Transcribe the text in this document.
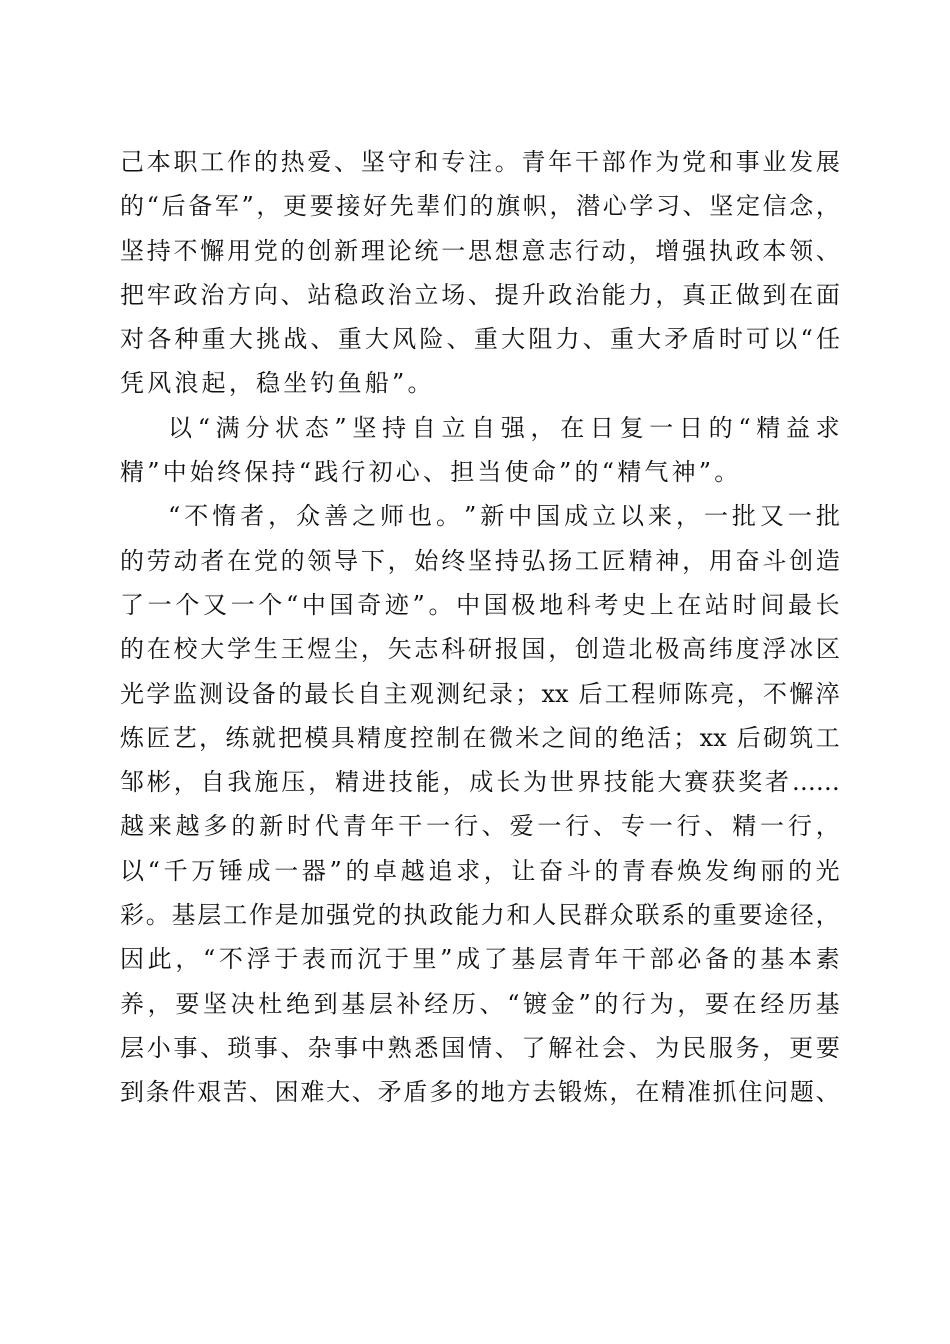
己 本 职 工 作 的 热 爱 、 坚 守 和 专 注 。 青 年 干 部 作 为 党 和 事 业 发 展
的 “ 后 备 军 ” ， 更 要 接 好 先 辈 们 的 旗 帜 ， 潜 心 学 习 、 坚 定 信 念 ，
坚 持 不 懈 用 党 的 创 新 理 论 统 一 思 想 意 志 行 动 ， 增 强 执 政 本 领 、
把 牢 政 治 方 向 、 站 稳 政 治 立 场 、 提 升 政 治 能 力 ， 真 正 做 到 在 面
对 各 种 重 大 挑 战 、 重 大 风 险 、 重 大 阻 力 、 重 大 矛 盾 时 可 以 “ 任
凭 风 浪 起 ， 稳 坐 钓 鱼 船 ” 。
以 “ 满 分 状 态 ” 坚 持 自 立 自 强 ， 在 日 复 一 日 的 “ 精 益 求
精 ” 中 始 终 保 持 “ 践 行 初 心 、 担 当 使 命 ” 的 “ 精 气 神 ” 。
“ 不 惰 者 ， 众 善 之 师 也 。 ” 新 中 国 成 立 以 来 ， 一 批 又 一 批
的 劳 动 者 在 党 的 领 导 下 ， 始 终 坚 持 弘 扬 工 匠 精 神 ， 用 奋 斗 创 造
了 一 个 又 一 个 “ 中 国 奇 迹 ” 。 中 国 极 地 科 考 史 上 在 站 时 间 最 长
的 在 校 大 学 生 王 煜 尘 ， 矢 志 科 研 报 国 ， 创 造 北 极 高 纬 度 浮 冰 区
光 学 监 测 设 备 的 最 长 自 主 观 测 纪 录 ； xx 后 工 程 师 陈 亮 ， 不 懈 淬
炼 匠 艺 ， 练 就 把 模 具 精 度 控 制 在 微 米 之 间 的 绝 活 ； xx 后 砌 筑 工
邹 彬 ， 自 我 施 压 ， 精 进 技 能 ， 成 长 为 世 界 技 能 大 赛 获 奖 者 ……
越 来 越 多 的 新 时 代 青 年 干 一 行 、 爱 一 行 、 专 一 行 、 精 一 行 ，
以 “ 千 万 锤 成 一 器 ” 的 卓 越 追 求 ， 让 奋 斗 的 青 春 焕 发 绚 丽 的 光
彩 。 基 层 工 作 是 加 强 党 的 执 政 能 力 和 人 民 群 众 联 系 的 重 要 途 径 ，
因 此 ， “ 不 浮 于 表 而 沉 于 里 ” 成 了 基 层 青 年 干 部 必 备 的 基 本 素
养 ， 要 坚 决 杜 绝 到 基 层 补 经 历 、 “ 镀 金 ” 的 行 为 ， 要 在 经 历 基
层 小 事 、 琐 事 、 杂 事 中 熟 悉 国 情 、 了 解 社 会 、 为 民 服 务 ， 更 要
到 条 件 艰 苦 、 困 难 大 、 矛 盾 多 的 地 方 去 锻 炼 ， 在 精 准 抓 住 问 题 、
